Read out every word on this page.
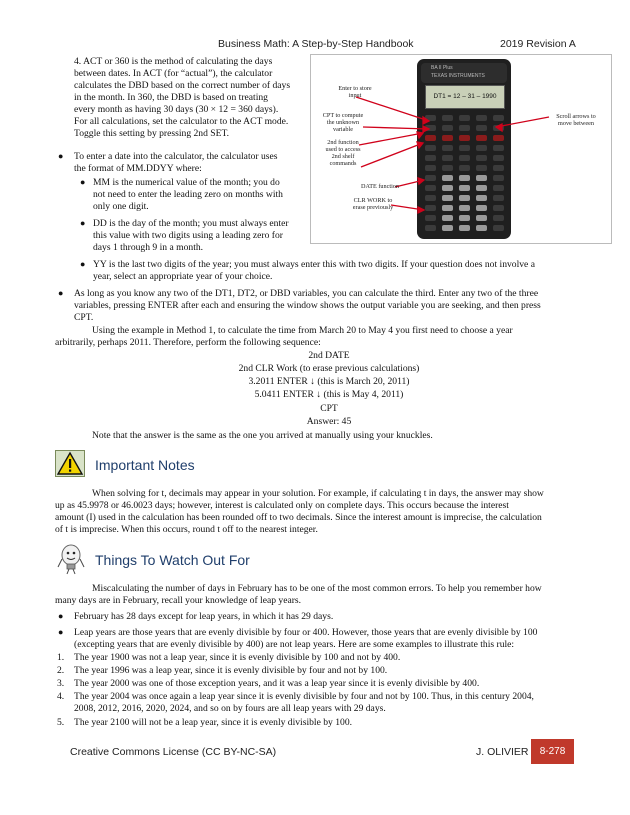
Business Math: A Step-by-Step Handbook	2019 Revision A
4. ACT or 360 is the method of calculating the days
between dates. In ACT (for “actual”), the calculator
calculates the DBD based on the correct number of days
in the month. In 360, the DBD is based on treating
every month as having 30 days (30 × 12 = 360 days).
For all calculations, set the calculator to the ACT mode.
Toggle this setting by pressing 2nd SET.
● To enter a date into the calculator, the calculator uses
the format of MM.DDYY where:
● MM is the numerical value of the month; you do
not need to enter the leading zero on months with
only one digit.
● DD is the day of the month; you must always enter
this value with two digits using a leading zero for
days 1 through 9 in a month.
● YY is the last two digits of the year; you must always enter this with two digits. If your question does not involve a
year, select an appropriate year of your choice.
● As long as you know any two of the DT1, DT2, or DBD variables, you can calculate the third. Enter any two of the three
variables, pressing ENTER after each and ensuring the window shows the output variable you are seeking, and then press
CPT.
Using the example in Method 1, to calculate the time from March 20 to May 4 you first need to choose a year
arbitrarily, perhaps 2011. Therefore, perform the following sequence:
2nd DATE
2nd CLR Work (to erase previous calculations)
3.2011 ENTER ↓ (this is March 20, 2011)
5.0411 ENTER ↓ (this is May 4, 2011)
CPT
Answer: 45
Note that the answer is the same as the one you arrived at manually using your knuckles.
Important Notes
When solving for t, decimals may appear in your solution. For example, if calculating t in days, the answer may show
up as 45.9978 or 46.0023 days; however, interest is calculated only on complete days. This occurs because the interest
amount (I) used in the calculation has been rounded off to two decimals. Since the interest amount is imprecise, the calculation
of t is imprecise. When this occurs, round t off to the nearest integer.
Things To Watch Out For
Miscalculating the number of days in February has to be one of the most common errors. To help you remember how
many days are in February, recall your knowledge of leap years.
● February has 28 days except for leap years, in which it has 29 days.
● Leap years are those years that are evenly divisible by four or 400. However, those years that are evenly divisible by 100
(excepting years that are evenly divisible by 400) are not leap years. Here are some examples to illustrate this rule:
1. The year 1900 was not a leap year, since it is evenly divisible by 100 and not by 400.
2. The year 1996 was a leap year, since it is evenly divisible by four and not by 100.
3. The year 2000 was one of those exception years, and it was a leap year since it is evenly divisible by 400.
4. The year 2004 was once again a leap year since it is evenly divisible by four and not by 100. Thus, in this century 2004,
2008, 2012, 2016, 2020, 2024, and so on by fours are all leap years with 29 days.
5. The year 2100 will not be a leap year, since it is evenly divisible by 100.
BA II Plus
TEXAS INSTRUMENTS
DT1 = 12 – 31 – 1990
Enter to store
input
CPT to compute
the unknown
variable
2nd function
used to access
2nd shelf
commands
DATE function
CLR WORK to
erase previously
Scroll arrows to
move between
Creative Commons License (CC BY-NC-SA)	J. OLIVIER	8-278
